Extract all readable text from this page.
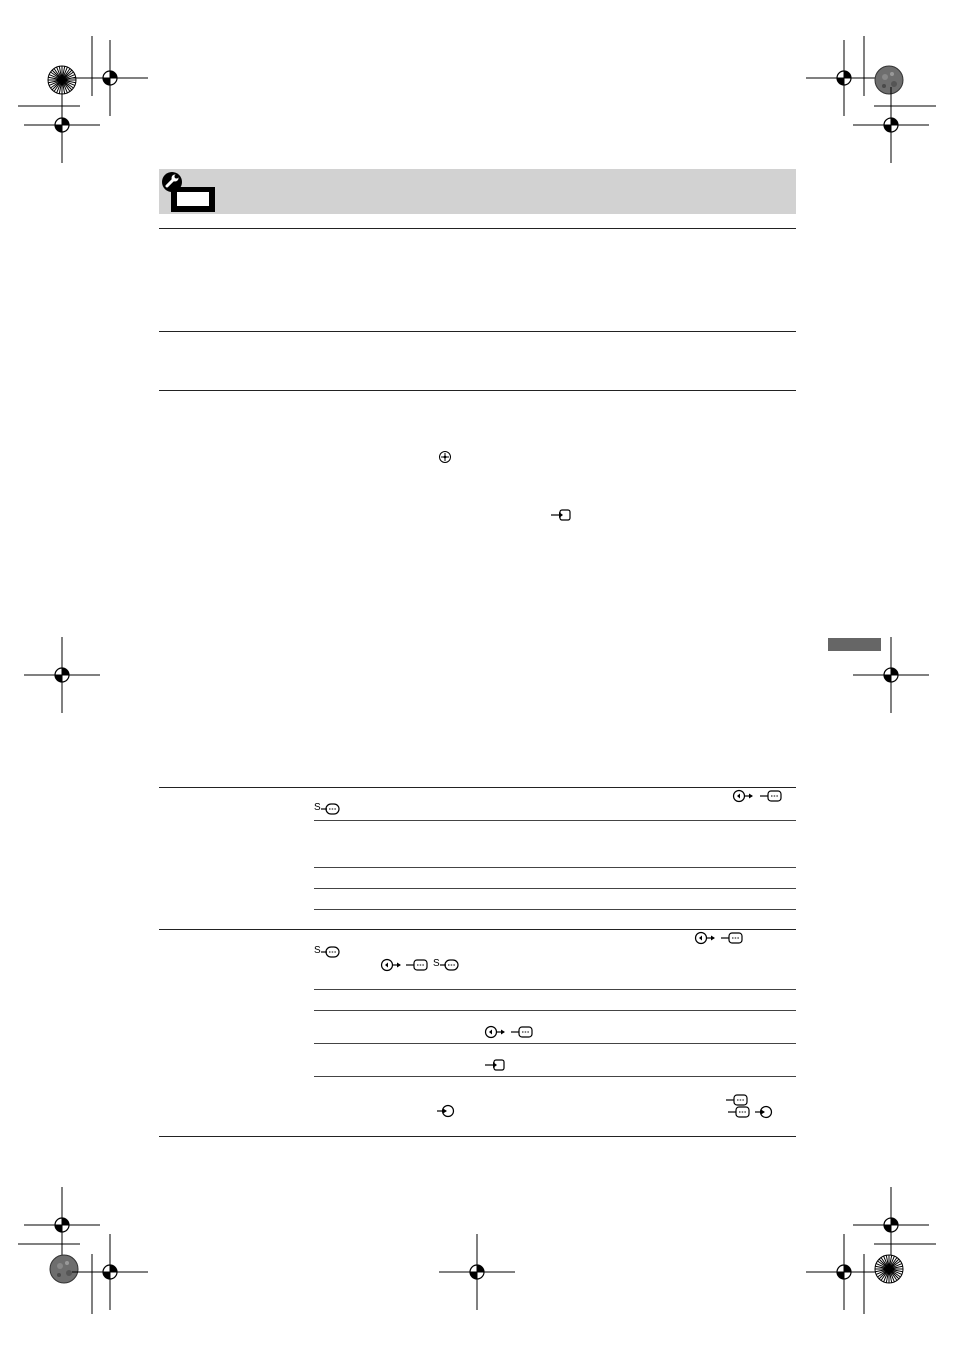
S
S
S
